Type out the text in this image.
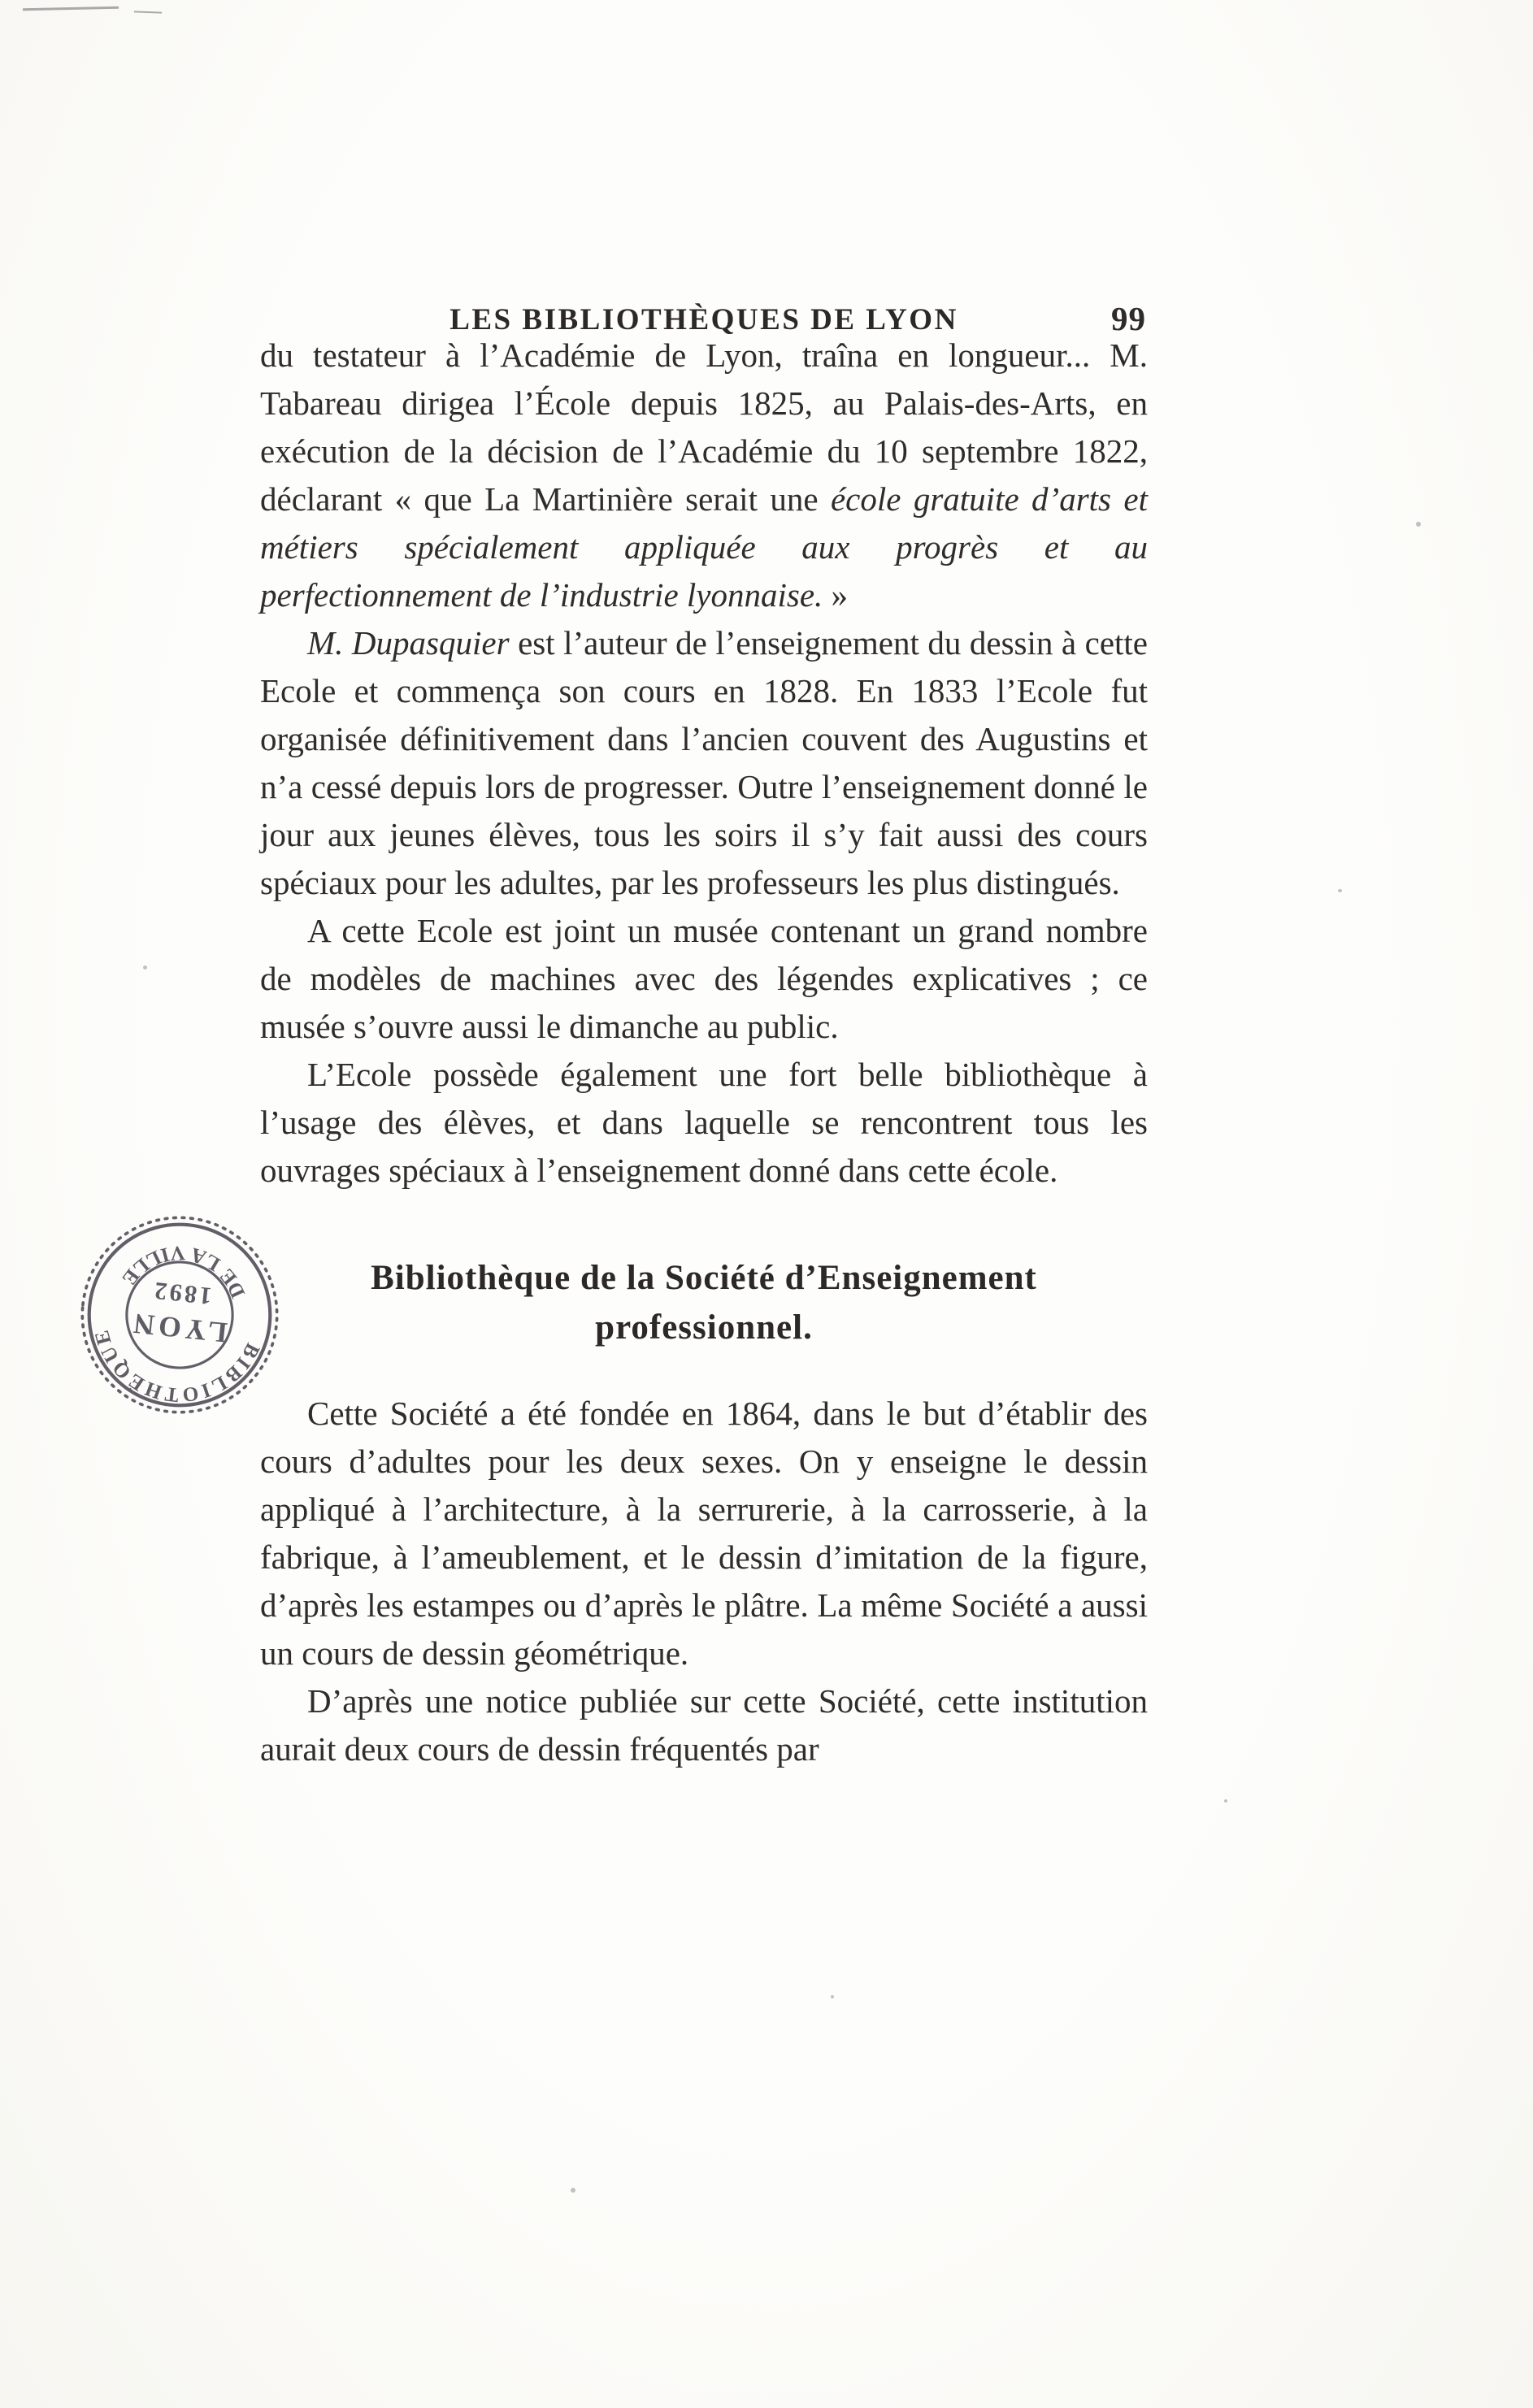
LES BIBLIOTHÈQUES DE LYON	99

du testateur à l’Académie de Lyon, traîna en longueur... M. Tabareau dirigea l’École depuis 1825, au Palais-des-Arts, en exécution de la décision de l’Académie du 10 septembre 1822, déclarant « que La Martinière serait une école gratuite d’arts et métiers spécialement appliquée aux progrès et au perfectionnement de l’industrie lyonnaise. »

M. Dupasquier est l’auteur de l’enseignement du dessin à cette Ecole et commença son cours en 1828. En 1833 l’Ecole fut organisée définitivement dans l’ancien couvent des Augustins et n’a cessé depuis lors de progresser. Outre l’enseignement donné le jour aux jeunes élèves, tous les soirs il s’y fait aussi des cours spéciaux pour les adultes, par les professeurs les plus distingués.

A cette Ecole est joint un musée contenant un grand nombre de modèles de machines avec des légendes explicatives ; ce musée s’ouvre aussi le dimanche au public.

L’Ecole possède également une fort belle bibliothèque à l’usage des élèves, et dans laquelle se rencontrent tous les ouvrages spéciaux à l’enseignement donné dans cette école.

Bibliothèque de la Société d’Enseignement
professionnel.

Cette Société a été fondée en 1864, dans le but d’établir des cours d’adultes pour les deux sexes. On y enseigne le dessin appliqué à l’architecture, à la serrurerie, à la carrosserie, à la fabrique, à l’ameublement, et le dessin d’imitation de la figure, d’après les estampes ou d’après le plâtre. La même Société a aussi un cours de dessin géométrique.

D’après une notice publiée sur cette Société, cette institution aurait deux cours de dessin fréquentés par

BIBLIOTHÈQUE
DE LA VILLE
LYON
1892
